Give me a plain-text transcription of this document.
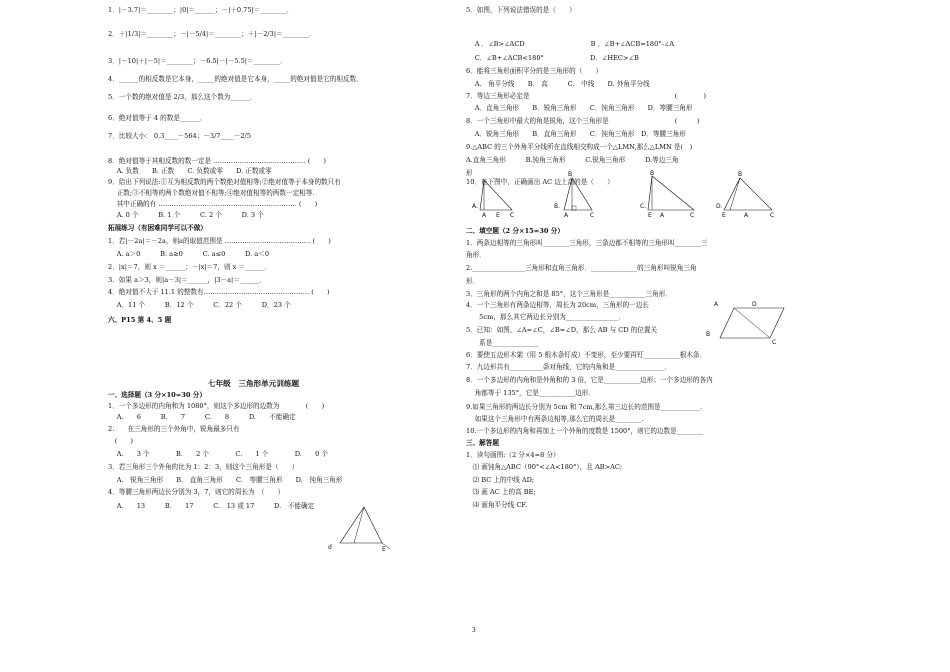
1．|－3.7|＝________；|0|＝______；－|＋0.75|＝________．
2．＋|1/3|＝________；－|－5/4|＝________；＋|－2/3|＝________．
3．|－10|＋|－5|＝________；－6.5|－|－5.5|＝________．
4．______的相反数是它本身，_____的绝对值是它本身，_____的绝对值是它的相反数．
5．一个数的绝对值是 2/3，那么这个数为______．
6．绝对值等于 4 的数是______．
7．比较大小： 0.3____－564；－3/7____－2/5
8．绝对值等于其相反数的数一定是 …………………………………… (　　)
　 A. 负数　　B. 正数　　C. 负数或零　　D. 正数或零
9．给出下列说法:①互为相反数的两个数绝对值相等;②绝对值等于本身的数只有
　 正数;③不相等的两个数绝对值不相等;④绝对值相等的两数一定相等.
　 其中正确的有 ……………………………………………………… (　　)
　 A. 0 个　　　B. 1 个　　　C. 2 个　　　D. 3 个
拓展练习（有困难同学可以不做）
1．若|－2a|＝－2a，则a的取值范围是 ………………………………… (　　)
　 A. a＞0　　　B. a≥0　　　C. a≤0　　　D. a＜0
2．|x|＝7，则 x ＝______；－|x|＝7，则 x ＝______．
3．如果 a＞3，则|a－3|＝______，|3－a|＝______．
4．绝对值不大于 11.1 的整数有………………………………………… (　　)
　 A．11 个　　　B．12 个　　　C．22 个　　　D．23 个
六、P15 第 4、5 题
七年级　三角形单元训练题
一、选择题（3 分×10=30 分）
1．一个多边形的内角和为 1080°，则这个多边形的边数为　　　　(　　)
　 A.　　6　　　B.　　7　　　C.　　8　　　D.　　不能确定
2.　　在三角形的三个外角中，锐角最多只有
　(　　)
　 A.　　3 个　　　　B.　　2 个　　　　C.　　1 个　　　　D.　　0 个
3．若三角形三个外角的比为 1：2：3，则这个三角形是（　　）
　 A.　锐角三角形　　B.　直角三角形　　C.　等腰三角形　　D.　钝角三角形
4．等腰三角形两边长分别为 3，7，则它的周长为　（　　）
　 A.　　13　　　B.　　17　　　C.　13 或 17　　　D.　不能确定
5．如图，下列说法错误的是（　　）
　 A ．∠B>∠ACD　　　　　　　　　　B ．∠B+∠ACB=180°-∠A
　 C．∠B+∠ACB<180°　　　　　　　D．∠HEC>∠B
6．能将三角形面积平分的是三角形的（　　）
　 A.　角平分线　　B.　高　　　C.　中线　　D. 外角平分线
7．等边三角形必定是　　　　　　　　　　　　　　　　　　　　　　(　　　　)
　 A．直角三角形　　B．锐角三角形　　C．钝角三角形　　D．等腰三角形
8．一个三角形中最大的角是锐角，这个三角形是　　　　　　　　　　(　　　)
　 A．锐角三角形　　B．直角三角形　　C．钝角三角形　D．等腰三角形
9.△ABC 的三个外角平分线所在直线相交构成一个△LMN,那么△LMN 是(　)
A.直角三角形　　　B.钝角三角形　　　C.锐角三角形　　　D.等边三角
形
10．在下图中，正确画出 AC 边上高的是（　　）
二、填空题（2 分×15=30 分）
1．两条边相等的三角形叫________三角形，三条边都不相等的三角形叫________三
角形．
2.________________三角形和直角三角形．______________的三角形叫锐角三角
形．
3．三角形的两个内角之和是 85°，这个三角形是___________三角形．
4．一个三角形有两条边相等，周长为 20cm，三角形的一边长
　　5cm，那么其它两边长分别为________________．
5．已知：如图，∠A=∠C，∠B=∠D，那么 AB 与 CD 的位置关
　　系是______________
6．要使五边形木架（用 5 根木条钉成）不变形，至少要再钉___________根木条．
7．九边形共有__________条对角线，它的内角和是_______________．
8．一个多边形的内角和是外角和的 3 倍，它是___________边形；一个多边形的各内
　 角都等于 135°，它是___________边形．
9.如果三角形的两边长分别为 5cm 和 7cm,那么第三边长的范围是____________.
　 如果这个三角形中有两条边相等,那么它的周长是________.
10.一个多边形的内角和再加上一个外角的度数是 1500°，则它的边数是________
三、解答题
1．读句画图:（2 分×4=8 分）
　⑴ 画钝角△ABC（90°<∠A<180°），且 AB>AC;
　⑵ BC 上的中线 AD;
　⑶ 画 AC 上的高 BE;
　⑷ 画角平分线 CF.
d	E
A.
A E C
B.
A	C
B
C.
E A	C
B
D.
E	A	C
B
A	D
B
C
3
